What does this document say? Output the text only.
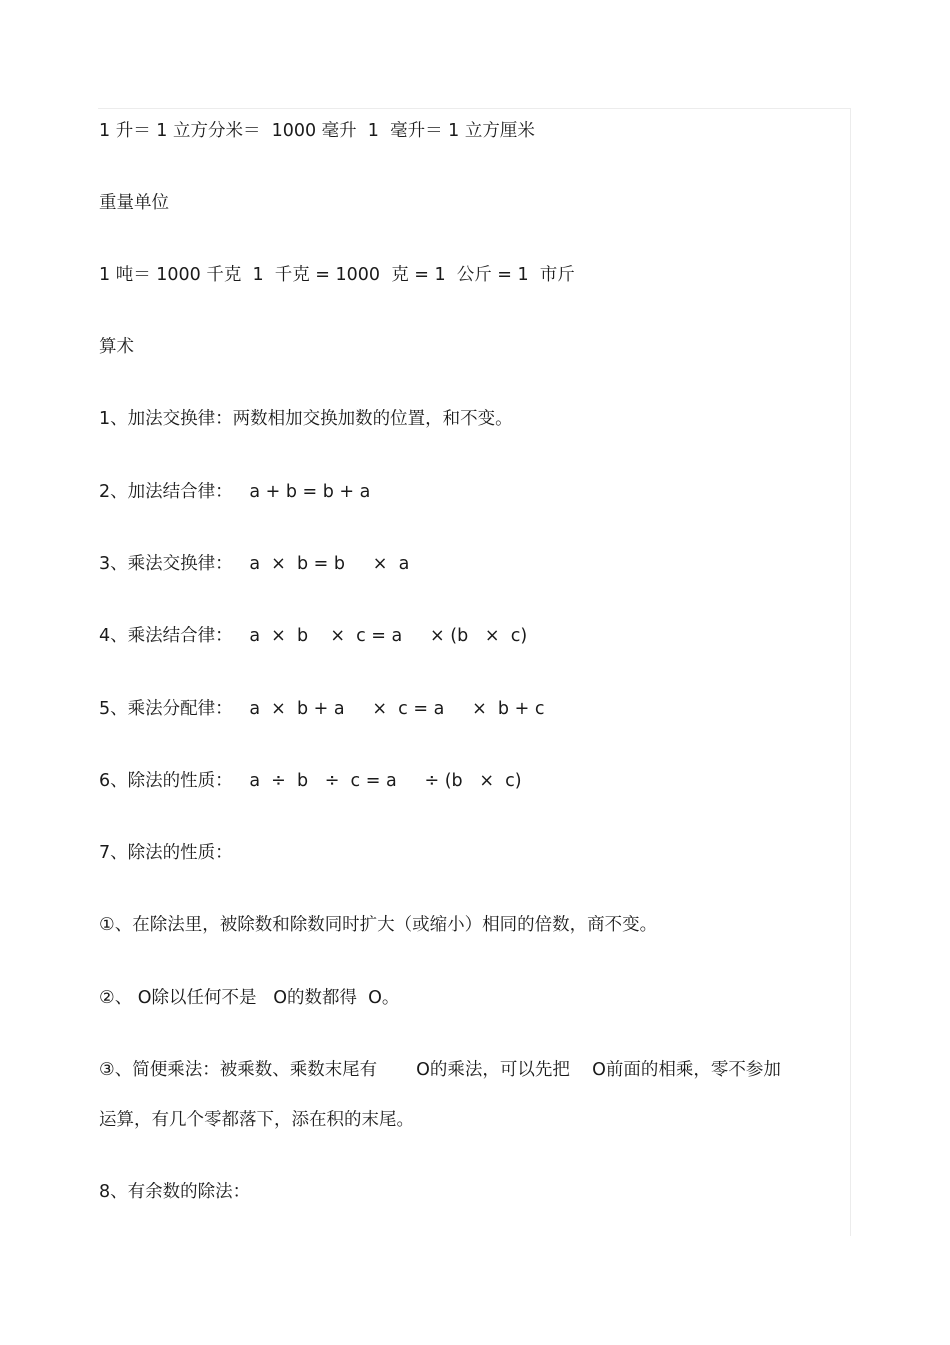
1 升＝ 1 立方分米＝  1000 毫升  1  毫升＝ 1 立方厘米
重量单位
1 吨＝ 1000 千克  1  千克 = 1000  克 = 1  公斤 = 1  市斤
算术
1、加法交换律：两数相加交换加数的位置，和不变。
2、加法结合律：   a + b = b + a
3、乘法交换律：   a  ×  b = b     ×  a
4、乘法结合律：   a  ×  b    ×  c = a     × (b   ×  c)
5、乘法分配律：   a  ×  b + a     ×  c = a     ×  b + c
6、除法的性质：   a  ÷  b   ÷  c = a     ÷ (b   ×  c)
7、除法的性质：
①、在除法里，被除数和除数同时扩大（或缩小）相同的倍数，商不变。
②、 O除以任何不是   O的数都得  O。
③、简便乘法：被乘数、乘数末尾有       O的乘法，可以先把    O前面的相乘，零不参加
运算，有几个零都落下，添在积的末尾。
8、有余数的除法：
